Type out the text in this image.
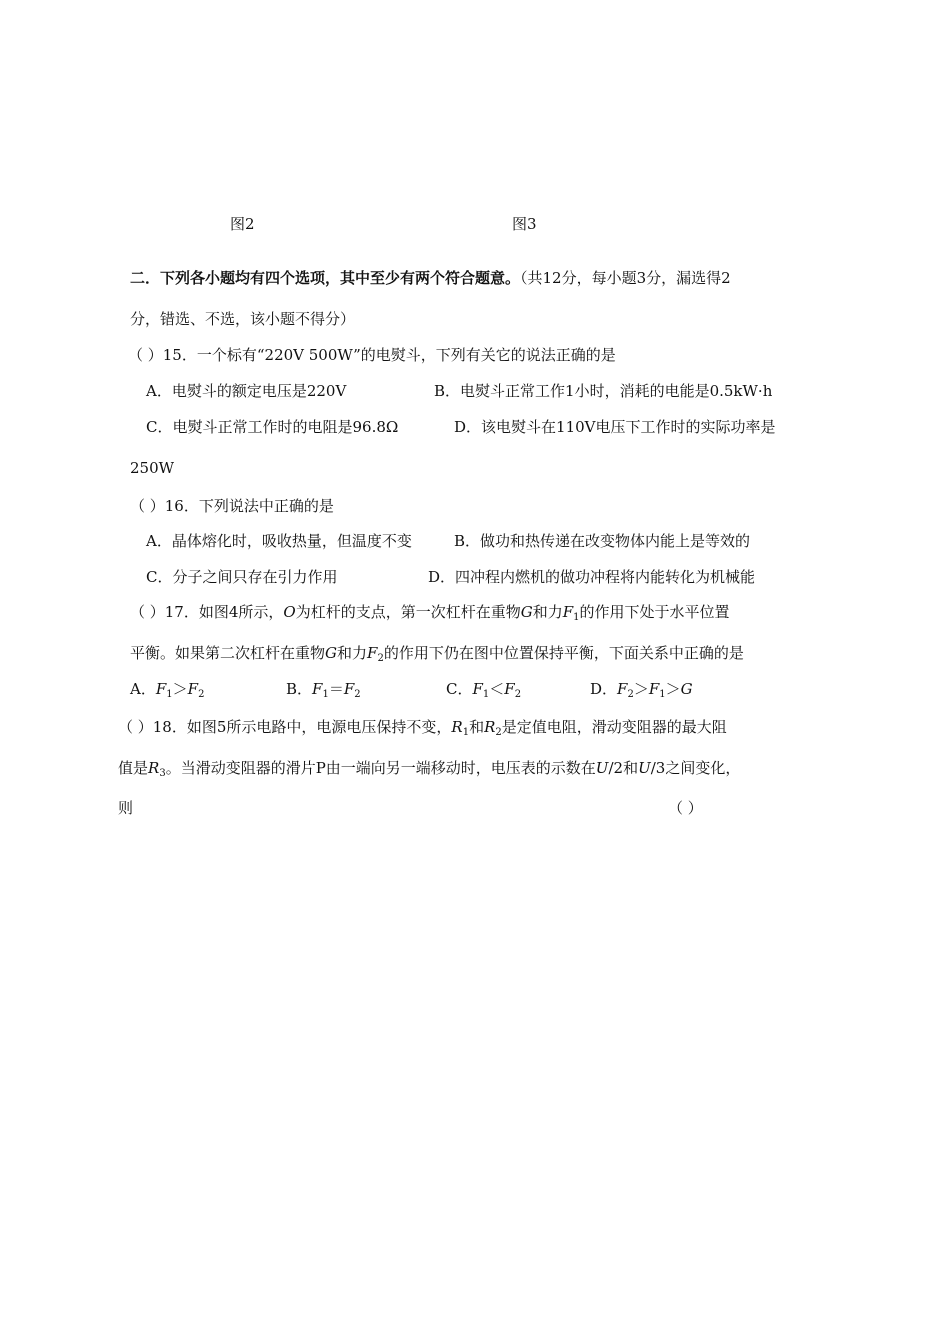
图2	图3
二．下列各小题均有四个选项，其中至少有两个符合题意。（共12分，每小题3分，漏选得2
分，错选、不选，该小题不得分）
（ ）15．一个标有“220V 500W”的电熨斗，下列有关它的说法正确的是
A．电熨斗的额定电压是220V	B．电熨斗正常工作1小时，消耗的电能是0.5kW·h
C．电熨斗正常工作时的电阻是96.8Ω	D．该电熨斗在110V电压下工作时的实际功率是
250W
（ ）16．下列说法中正确的是
A．晶体熔化时，吸收热量，但温度不变	B．做功和热传递在改变物体内能上是等效的
C．分子之间只存在引力作用	D．四冲程内燃机的做功冲程将内能转化为机械能
（ ）17．如图4所示，O为杠杆的支点，第一次杠杆在重物G和力$F_1$的作用下处于水平位置
平衡。如果第二次杠杆在重物G和力$F_2$的作用下仍在图中位置保持平衡，下面关系中正确的是
A．$F_1>F_2$	B．$F_1=F_2$	C．$F_1<F_2$	D．$F_2>F_1>G$
（ ）18．如图5所示电路中，电源电压保持不变，$R_1$和$R_2$是定值电阻，滑动变阻器的最大阻
值是$R_3$。当滑动变阻器的滑片P由一端向另一端移动时，电压表的示数在U/2和U/3之间变化，
则	（ ）
